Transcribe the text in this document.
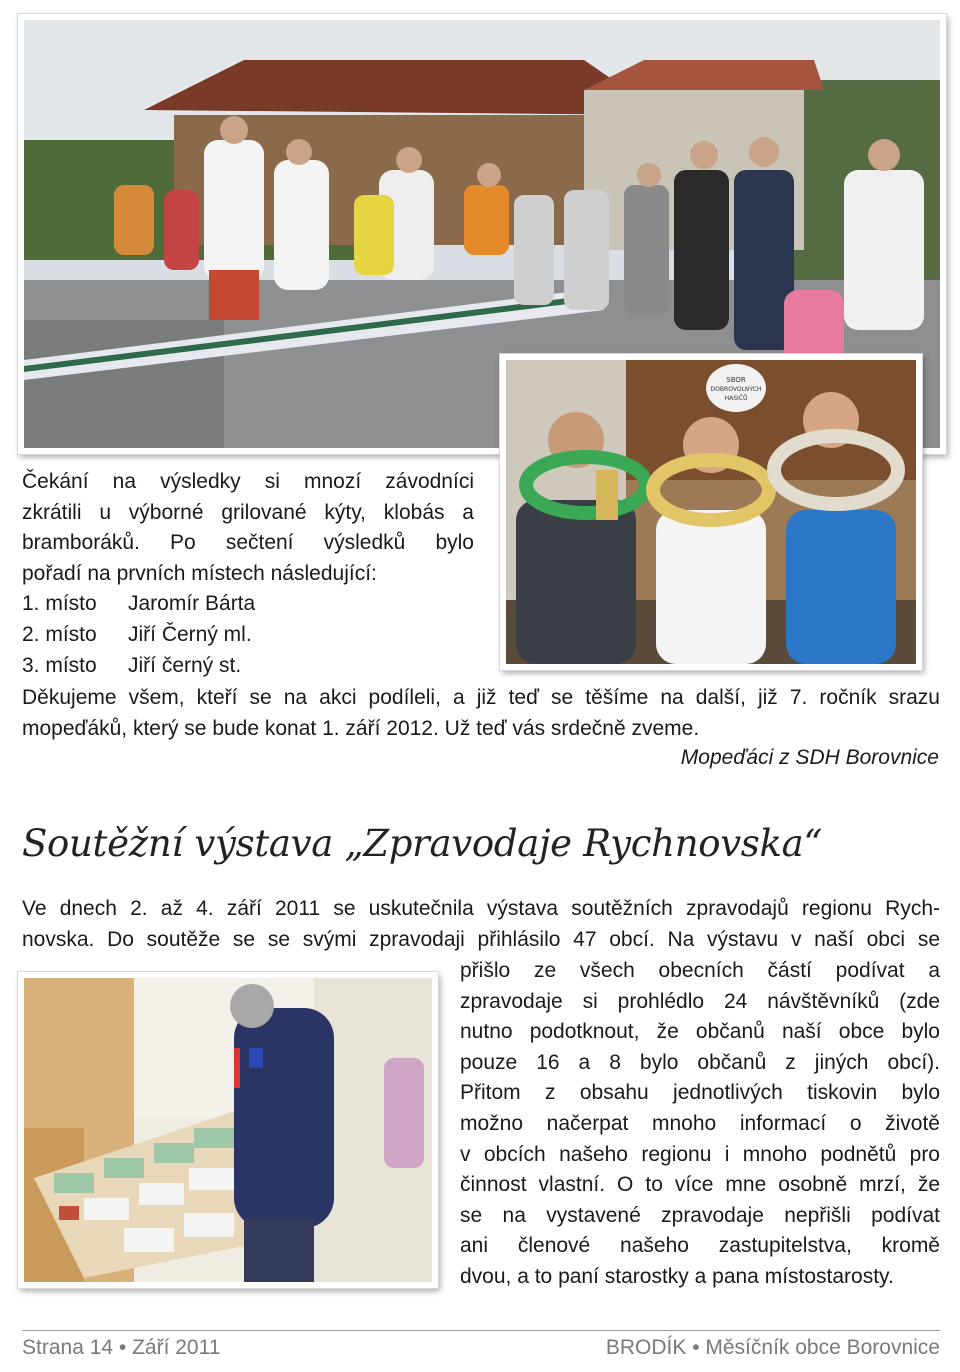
SBOR
DOBROVOLNÝCH
HASIČŮ
Čekání na výsledky si mnozí závodníci
zkrátili u výborné grilované kýty, klobás a
bramboráků. Po sečtení výsledků bylo
pořadí na prvních místech následující:
1. místo	Jaromír Bárta
2. místo	Jiří Černý ml.
3. místo	Jiří černý st.
Děkujeme všem, kteří se na akci podíleli, a již teď se těšíme na další, již 7. ročník srazu
mopeďáků, který se bude konat 1. září 2012. Už teď vás srdečně zveme.
Mopeďáci z SDH Borovnice
Soutěžní výstava „Zpravodaje Rychnovska“
Ve dnech 2. až 4. září 2011 se uskutečnila výstava soutěžních zpravodajů regionu Rych-
novska. Do soutěže se se svými zpravodaji přihlásilo 47 obcí. Na výstavu v naší obci se
přišlo ze všech obecních částí podívat a
zpravodaje si prohlédlo 24 návštěvníků (zde
nutno podotknout, že občanů naší obce bylo
pouze 16 a 8 bylo občanů z jiných obcí).
Přitom z obsahu jednotlivých tiskovin bylo
možno načerpat mnoho informací o životě
v obcích našeho regionu i mnoho podnětů pro
činnost vlastní. O to více mne osobně mrzí, že
se na vystavené zpravodaje nepřišli podívat
ani členové našeho zastupitelstva, kromě
dvou, a to paní starostky a pana místostarosty.
Strana 14 • Září 2011	BRODÍK • Měsíčník obce Borovnice
